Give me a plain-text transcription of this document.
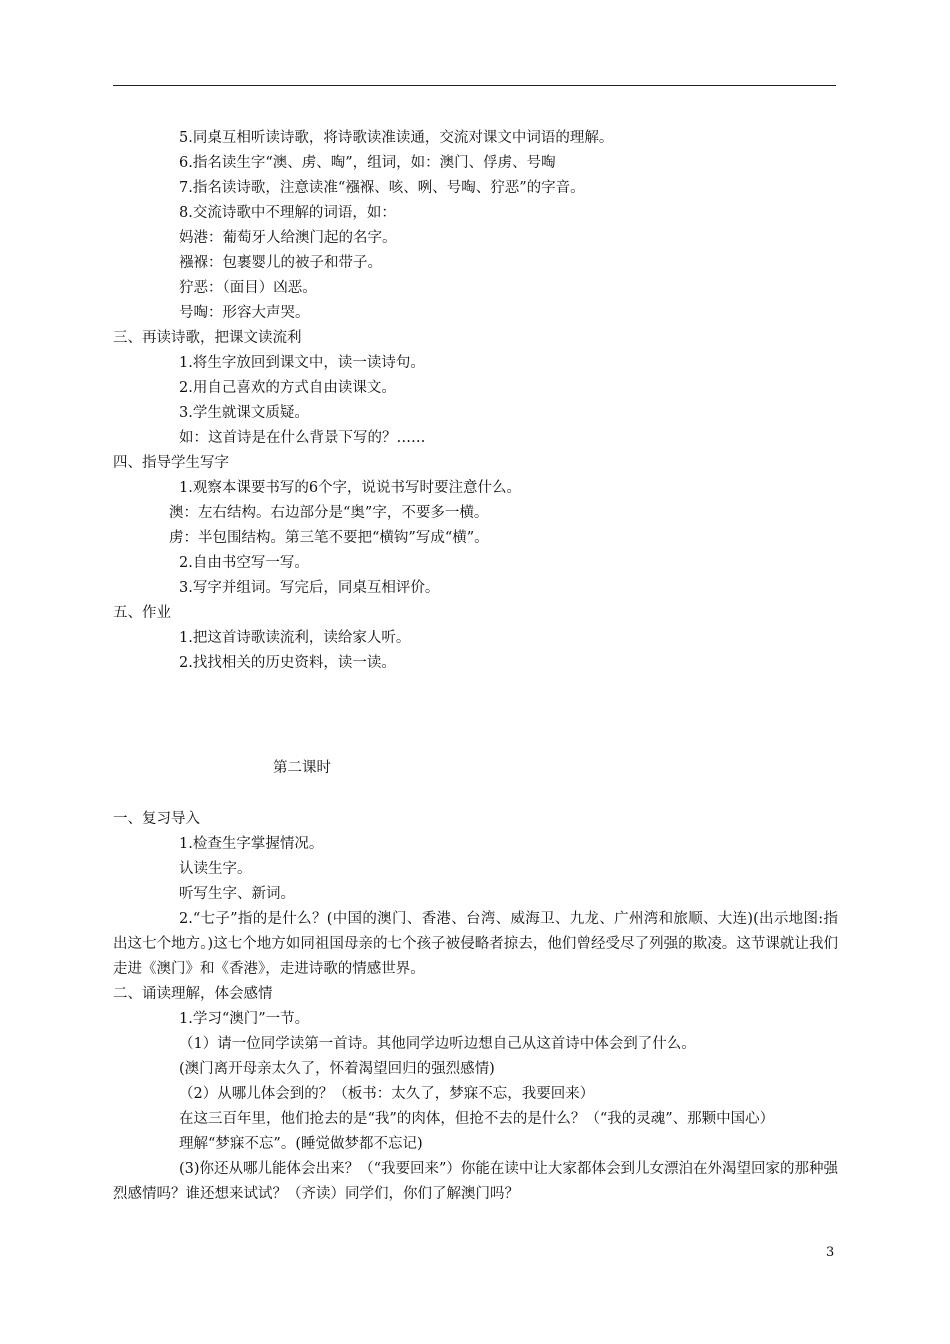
5.同桌互相听读诗歌，将诗歌读准读通，交流对课文中词语的理解。
6.指名读生字“澳、虏、啕”，组词，如：澳门、俘虏、号啕
7.指名读诗歌，注意读准“襁褓、咳、咧、号啕、狞恶”的字音。
8.交流诗歌中不理解的词语，如：
妈港：葡萄牙人给澳门起的名字。
襁褓：包裹婴儿的被子和带子。
狞恶：（面目）凶恶。
号啕：形容大声哭。
三、再读诗歌，把课文读流利
1.将生字放回到课文中，读一读诗句。
2.用自己喜欢的方式自由读课文。
3.学生就课文质疑。
如：这首诗是在什么背景下写的？……
四、指导学生写字
1.观察本课要书写的6个字，说说书写时要注意什么。
澳：左右结构。右边部分是“奥”字，不要多一横。
虏：半包围结构。第三笔不要把“横钩”写成“横”。
2.自由书空写一写。
3.写字并组词。写完后，同桌互相评价。
五、作业
1.把这首诗歌读流利，读给家人听。
2.找找相关的历史资料，读一读。
第二课时
一、复习导入
1.检查生字掌握情况。
认读生字。
听写生字、新词。
2.“七子”指的是什么？(中国的澳门、香港、台湾、威海卫、九龙、广州湾和旅顺、大连)(出示地图:指出这七个地方。)这七个地方如同祖国母亲的七个孩子被侵略者掠去，他们曾经受尽了列强的欺凌。这节课就让我们走进《澳门》和《香港》，走进诗歌的情感世界。
二、诵读理解，体会感情
1.学习“澳门”一节。
（1）请一位同学读第一首诗。其他同学边听边想自己从这首诗中体会到了什么。
(澳门离开母亲太久了，怀着渴望回归的强烈感情)
（2）从哪儿体会到的？（板书：太久了，梦寐不忘，我要回来）
在这三百年里，他们抢去的是“我”的肉体，但抢不去的是什么？（“我的灵魂”、那颗中国心）
理解“梦寐不忘”。(睡觉做梦都不忘记)
(3)你还从哪儿能体会出来？（“我要回来”）你能在读中让大家都体会到儿女漂泊在外渴望回家的那种强烈感情吗？谁还想来试试？（齐读）同学们，你们了解澳门吗？
3
